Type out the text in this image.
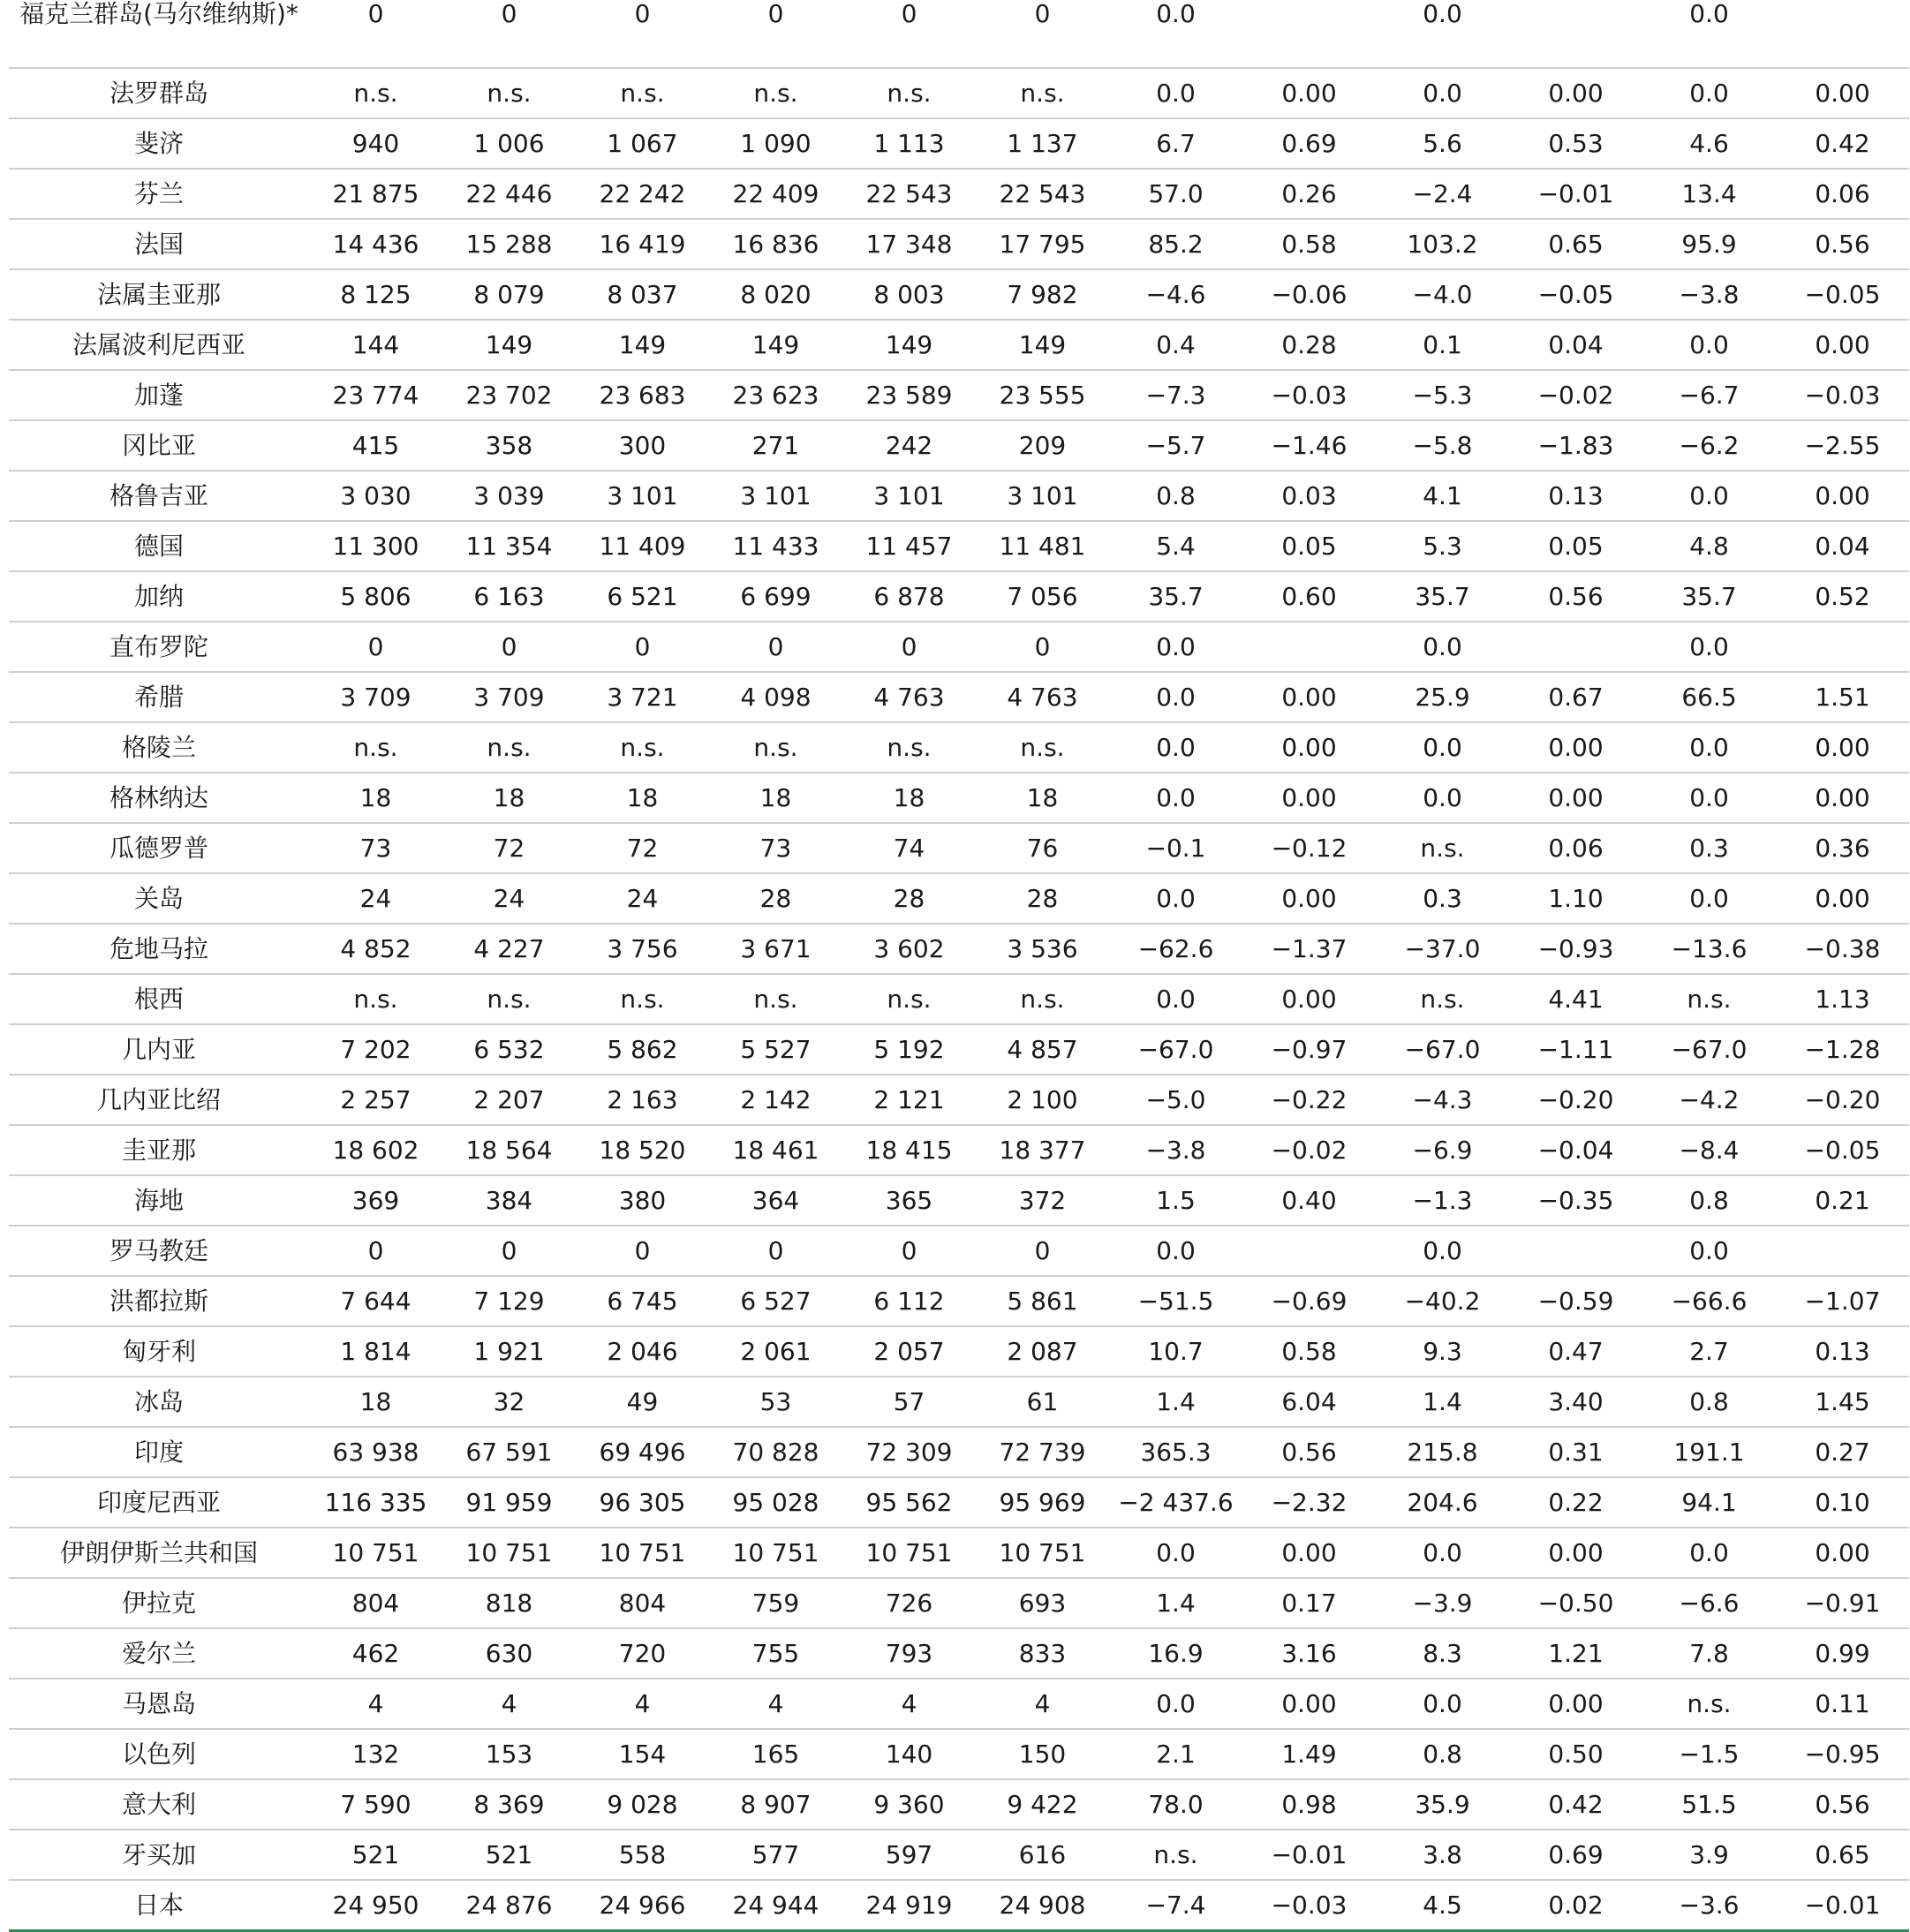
福克兰群岛(马尔维纳斯)*	0	0	0	0	0	0	0.0		0.0		0.0	
法罗群岛	n.s.	n.s.	n.s.	n.s.	n.s.	n.s.	0.0	0.00	0.0	0.00	0.0	0.00
斐济	940	1 006	1 067	1 090	1 113	1 137	6.7	0.69	5.6	0.53	4.6	0.42
芬兰	21 875	22 446	22 242	22 409	22 543	22 543	57.0	0.26	−2.4	−0.01	13.4	0.06
法国	14 436	15 288	16 419	16 836	17 348	17 795	85.2	0.58	103.2	0.65	95.9	0.56
法属圭亚那	8 125	8 079	8 037	8 020	8 003	7 982	−4.6	−0.06	−4.0	−0.05	−3.8	−0.05
法属波利尼西亚	144	149	149	149	149	149	0.4	0.28	0.1	0.04	0.0	0.00
加蓬	23 774	23 702	23 683	23 623	23 589	23 555	−7.3	−0.03	−5.3	−0.02	−6.7	−0.03
冈比亚	415	358	300	271	242	209	−5.7	−1.46	−5.8	−1.83	−6.2	−2.55
格鲁吉亚	3 030	3 039	3 101	3 101	3 101	3 101	0.8	0.03	4.1	0.13	0.0	0.00
德国	11 300	11 354	11 409	11 433	11 457	11 481	5.4	0.05	5.3	0.05	4.8	0.04
加纳	5 806	6 163	6 521	6 699	6 878	7 056	35.7	0.60	35.7	0.56	35.7	0.52
直布罗陀	0	0	0	0	0	0	0.0		0.0		0.0	
希腊	3 709	3 709	3 721	4 098	4 763	4 763	0.0	0.00	25.9	0.67	66.5	1.51
格陵兰	n.s.	n.s.	n.s.	n.s.	n.s.	n.s.	0.0	0.00	0.0	0.00	0.0	0.00
格林纳达	18	18	18	18	18	18	0.0	0.00	0.0	0.00	0.0	0.00
瓜德罗普	73	72	72	73	74	76	−0.1	−0.12	n.s.	0.06	0.3	0.36
关岛	24	24	24	28	28	28	0.0	0.00	0.3	1.10	0.0	0.00
危地马拉	4 852	4 227	3 756	3 671	3 602	3 536	−62.6	−1.37	−37.0	−0.93	−13.6	−0.38
根西	n.s.	n.s.	n.s.	n.s.	n.s.	n.s.	0.0	0.00	n.s.	4.41	n.s.	1.13
几内亚	7 202	6 532	5 862	5 527	5 192	4 857	−67.0	−0.97	−67.0	−1.11	−67.0	−1.28
几内亚比绍	2 257	2 207	2 163	2 142	2 121	2 100	−5.0	−0.22	−4.3	−0.20	−4.2	−0.20
圭亚那	18 602	18 564	18 520	18 461	18 415	18 377	−3.8	−0.02	−6.9	−0.04	−8.4	−0.05
海地	369	384	380	364	365	372	1.5	0.40	−1.3	−0.35	0.8	0.21
罗马教廷	0	0	0	0	0	0	0.0		0.0		0.0	
洪都拉斯	7 644	7 129	6 745	6 527	6 112	5 861	−51.5	−0.69	−40.2	−0.59	−66.6	−1.07
匈牙利	1 814	1 921	2 046	2 061	2 057	2 087	10.7	0.58	9.3	0.47	2.7	0.13
冰岛	18	32	49	53	57	61	1.4	6.04	1.4	3.40	0.8	1.45
印度	63 938	67 591	69 496	70 828	72 309	72 739	365.3	0.56	215.8	0.31	191.1	0.27
印度尼西亚	116 335	91 959	96 305	95 028	95 562	95 969	−2 437.6	−2.32	204.6	0.22	94.1	0.10
伊朗伊斯兰共和国	10 751	10 751	10 751	10 751	10 751	10 751	0.0	0.00	0.0	0.00	0.0	0.00
伊拉克	804	818	804	759	726	693	1.4	0.17	−3.9	−0.50	−6.6	−0.91
爱尔兰	462	630	720	755	793	833	16.9	3.16	8.3	1.21	7.8	0.99
马恩岛	4	4	4	4	4	4	0.0	0.00	0.0	0.00	n.s.	0.11
以色列	132	153	154	165	140	150	2.1	1.49	0.8	0.50	−1.5	−0.95
意大利	7 590	8 369	9 028	8 907	9 360	9 422	78.0	0.98	35.9	0.42	51.5	0.56
牙买加	521	521	558	577	597	616	n.s.	−0.01	3.8	0.69	3.9	0.65
日本	24 950	24 876	24 966	24 944	24 919	24 908	−7.4	−0.03	4.5	0.02	−3.6	−0.01
